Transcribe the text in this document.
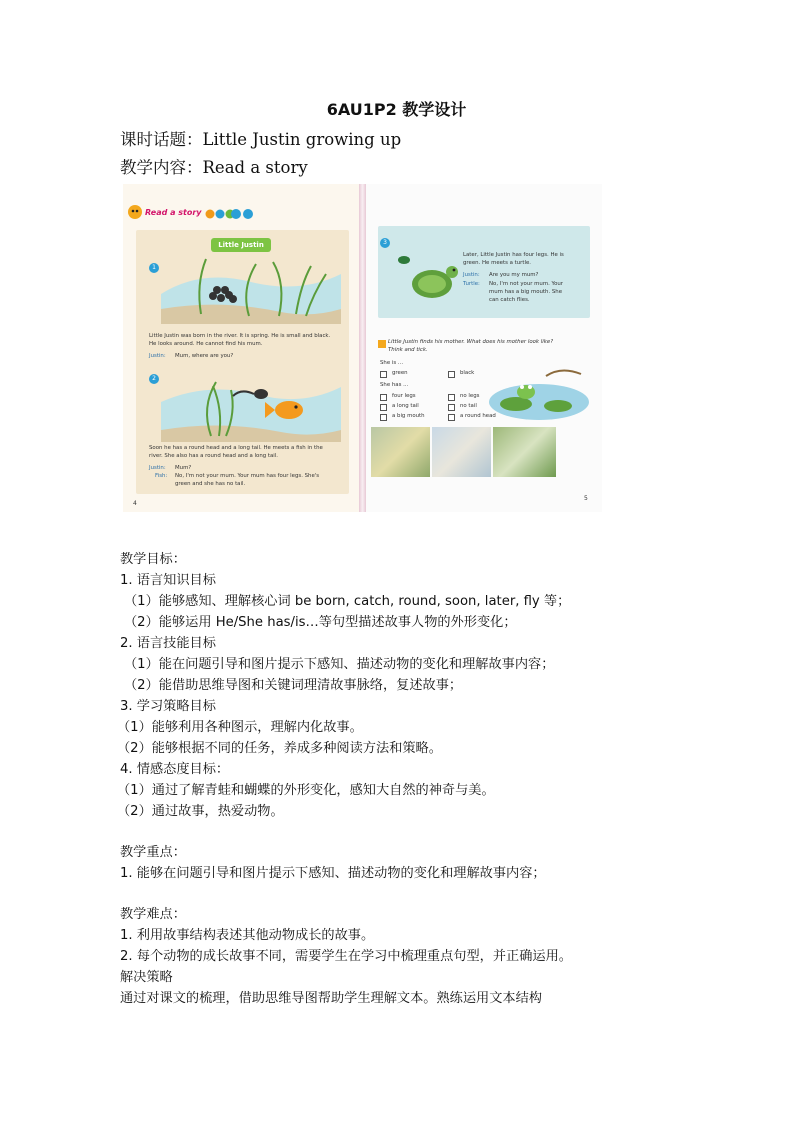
6AU1P2 教学设计
课时话题：Little Justin growing up
教学内容：Read a story
Read a story
Little Justin
1
Little Justin was born in the river. It is spring. He is small and black.
He looks around. He cannot find his mum.
Justin: Mum, where are you?
2
Soon he has a round head and a long tail. He meets a fish in the
river. She also has a round head and a long tail.
Justin: Mum?
Fish: No, I'm not your mum. Your mum has four legs. She's
green and she has no tail.
4
3
Later, Little Justin has four legs. He is
green. He meets a turtle.
Justin: Are you my mum?
Turtle: No, I'm not your mum. Your
mum has a big mouth. She
can catch flies.
Little Justin finds his mother. What does his mother look like?
Think and tick.
She is ...
green	black
She has ...
four legs	no legs
a long tail	no tail
a big mouth	a round head
5
教学目标：
1. 语言知识目标
（1）能够感知、理解核心词 be born, catch, round, soon, later, fly 等；
（2）能够运用 He/She has/is…等句型描述故事人物的外形变化；
2. 语言技能目标
（1）能在问题引导和图片提示下感知、描述动物的变化和理解故事内容；
（2）能借助思维导图和关键词理清故事脉络，复述故事；
3. 学习策略目标
（1）能够利用各种图示，理解内化故事。
（2）能够根据不同的任务，养成多种阅读方法和策略。
4. 情感态度目标：
（1）通过了解青蛙和蝴蝶的外形变化，感知大自然的神奇与美。
（2）通过故事，热爱动物。
教学重点：
1. 能够在问题引导和图片提示下感知、描述动物的变化和理解故事内容；
教学难点：
1. 利用故事结构表述其他动物成长的故事。
2. 每个动物的成长故事不同，需要学生在学习中梳理重点句型，并正确运用。
解决策略
通过对课文的梳理，借助思维导图帮助学生理解文本。熟练运用文本结构
